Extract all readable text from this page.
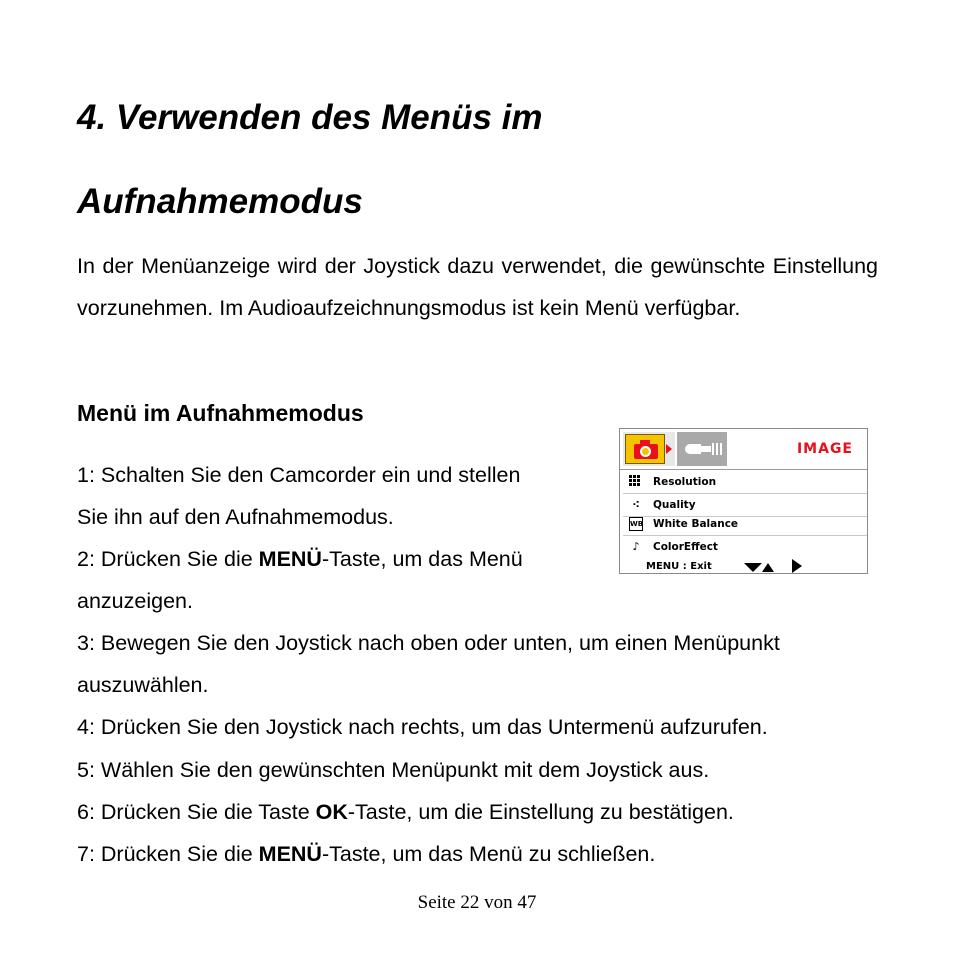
4. Verwenden des Menüs im
Aufnahmemodus

In der Menüanzeige wird der Joystick dazu verwendet, die gewünschte Einstellung vorzunehmen. Im Audioaufzeichnungsmodus ist kein Menü verfügbar.

Menü im Aufnahmemodus
1: Schalten Sie den Camcorder ein und stellen
Sie ihn auf den Aufnahmemodus.
2: Drücken Sie die MENÜ-Taste, um das Menü
anzuzeigen.
3: Bewegen Sie den Joystick nach oben oder unten, um einen Menüpunkt
auszuwählen.
4: Drücken Sie den Joystick nach rechts, um das Untermenü aufzurufen.
5: Wählen Sie den gewünschten Menüpunkt mit dem Joystick aus.
6: Drücken Sie die Taste OK-Taste, um die Einstellung zu bestätigen.
7: Drücken Sie die MENÜ-Taste, um das Menü zu schließen.
IMAGE
Resolution
⁖	Quality
WB White Balance
♪	ColorEffect
MENU : Exit
Seite 22 von 47
